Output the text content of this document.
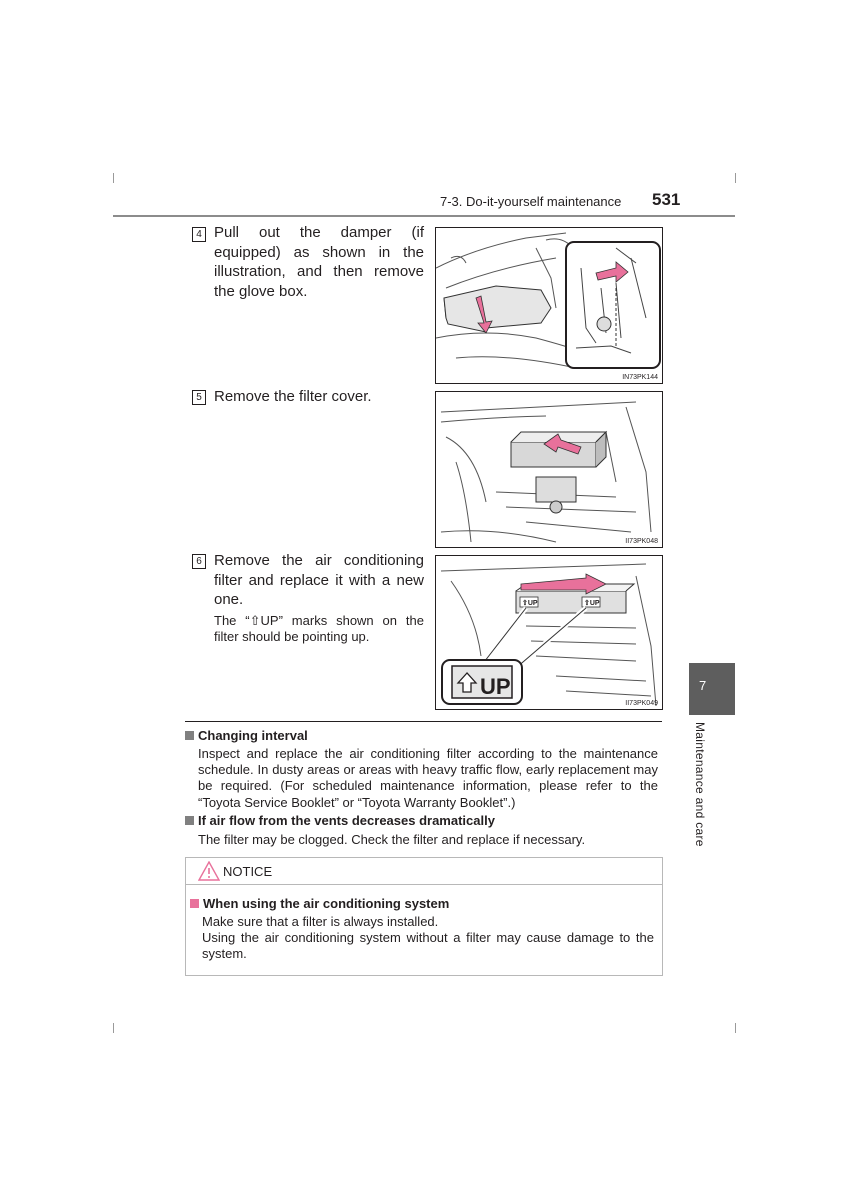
7-3. Do-it-yourself maintenance 531
4 Pull out the damper (if equipped) as shown in the illustration, and then remove the glove box.
IN73PK144
5 Remove the filter cover.
II73PK048
6 Remove the air conditioning filter and replace it with a new one.
The “⇧UP” marks shown on the filter should be pointing up.
⇧UP	⇧UP
UP
II73PK049
Changing interval
Inspect and replace the air conditioning filter according to the maintenance schedule. In dusty areas or areas with heavy traffic flow, early replacement may be required. (For scheduled maintenance information, please refer to the “Toyota Service Booklet” or “Toyota Warranty Booklet”.)
If air flow from the vents decreases dramatically
The filter may be clogged. Check the filter and replace if necessary.
NOTICE
When using the air conditioning system
Make sure that a filter is always installed.
Using the air conditioning system without a filter may cause damage to the system.
7
Maintenance and care
